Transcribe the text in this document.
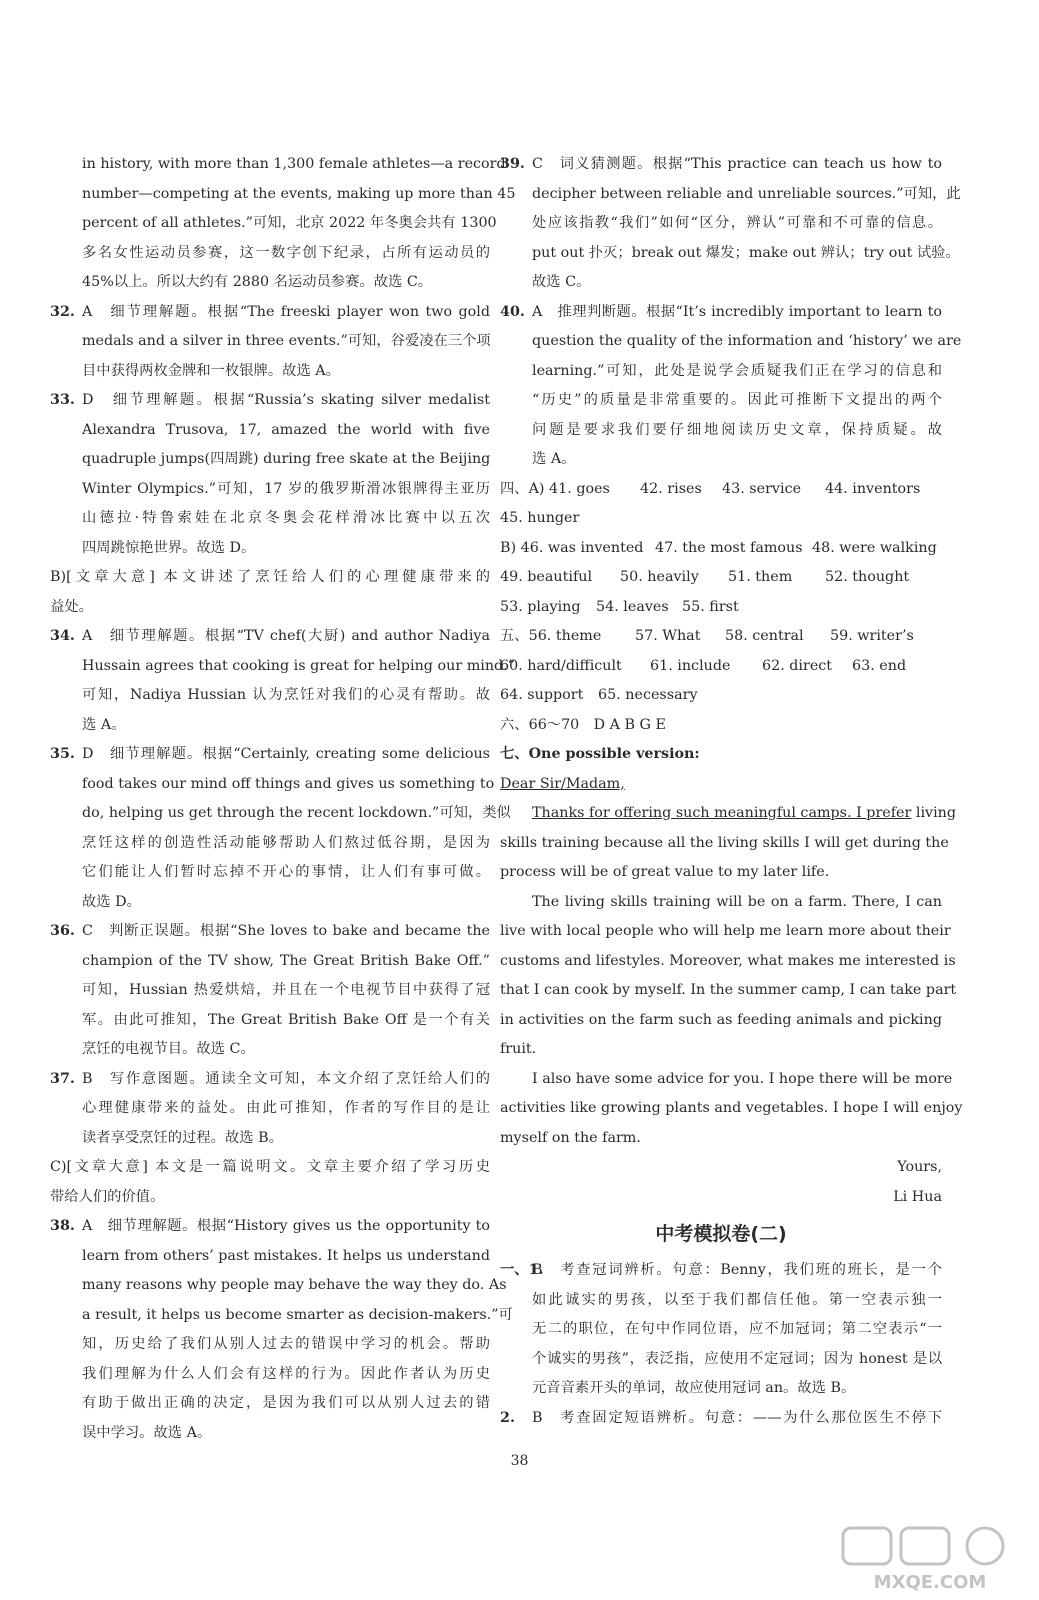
in history, with more than 1,300 female athletes—a record
number—competing at the events, making up more than 45
percent of all athletes.”可知，北京 2022 年冬奥会共有 1300
多名女性运动员参赛，这一数字创下纪录，占所有运动员的
45%以上。所以大约有 2880 名运动员参赛。故选 C。
32. A　细节理解题。根据“The freeski player won two gold
medals and a silver in three events.”可知，谷爱凌在三个项
目中获得两枚金牌和一枚银牌。故选 A。
33. D　细节理解题。根据“Russia’s skating silver medalist
Alexandra Trusova, 17, amazed the world with five
quadruple jumps(四周跳) during free skate at the Beijing
Winter Olympics.”可知，17 岁的俄罗斯滑冰银牌得主亚历
山德拉·特鲁索娃在北京冬奥会花样滑冰比赛中以五次
四周跳惊艳世界。故选 D。
B)[文章大意] 本文讲述了烹饪给人们的心理健康带来的
益处。
34. A　细节理解题。根据“TV chef(大厨) and author Nadiya
Hussain agrees that cooking is great for helping our mind.”
可知，Nadiya Hussian 认为烹饪对我们的心灵有帮助。故
选 A。
35. D　细节理解题。根据“Certainly, creating some delicious
food takes our mind off things and gives us something to
do, helping us get through the recent lockdown.”可知，类似
烹饪这样的创造性活动能够帮助人们熬过低谷期，是因为
它们能让人们暂时忘掉不开心的事情，让人们有事可做。
故选 D。
36. C　判断正误题。根据“She loves to bake and became the
champion of the TV show, The Great British Bake Off.”
可知，Hussian 热爱烘焙，并且在一个电视节目中获得了冠
军。由此可推知，The Great British Bake Off 是一个有关
烹饪的电视节目。故选 C。
37. B　写作意图题。通读全文可知，本文介绍了烹饪给人们的
心理健康带来的益处。由此可推知，作者的写作目的是让
读者享受烹饪的过程。故选 B。
C)[文章大意] 本文是一篇说明文。文章主要介绍了学习历史
带给人们的价值。
38. A　细节理解题。根据“History gives us the opportunity to
learn from others’ past mistakes. It helps us understand
many reasons why people may behave the way they do. As
a result, it helps us become smarter as decision-makers.”可
知，历史给了我们从别人过去的错误中学习的机会。帮助
我们理解为什么人们会有这样的行为。因此作者认为历史
有助于做出正确的决定，是因为我们可以从别人过去的错
误中学习。故选 A。
39. C　词义猜测题。根据“This practice can teach us how to
decipher between reliable and unreliable sources.”可知，此
处应该指教“我们”如何“区分，辨认”可靠和不可靠的信息。
put out 扑灭；break out 爆发；make out 辨认；try out 试验。
故选 C。
40. A　推理判断题。根据“It’s incredibly important to learn to
question the quality of the information and ‘history’ we are
learning.”可知，此处是说学会质疑我们正在学习的信息和
“历史”的质量是非常重要的。因此可推断下文提出的两个
问题是要求我们要仔细地阅读历史文章，保持质疑。故
选 A。
四、A) 41. goes 42. rises 43. service 44. inventors
45. hunger
B) 46. was invented 47. the most famous 48. were walking
49. beautiful 50. heavily 51. them 52. thought
53. playing 54. leaves 55. first
五、56. theme 57. What 58. central 59. writer’s
60. hard/difficult 61. include 62. direct 63. end
64. support 65. necessary
六、66～70　D A B G E
七、One possible version:
Dear Sir/Madam,
Thanks for offering such meaningful camps. I prefer living
skills training because all the living skills I will get during the
process will be of great value to my later life.
The living skills training will be on a farm. There, I can
live with local people who will help me learn more about their
customs and lifestyles. Moreover, what makes me interested is
that I can cook by myself. In the summer camp, I can take part
in activities on the farm such as feeding animals and picking
fruit.
I also have some advice for you. I hope there will be more
activities like growing plants and vegetables. I hope I will enjoy
myself on the farm.
Yours,
Li Hua
中考模拟卷(二)
一、1.
B　考查冠词辨析。句意：Benny，我们班的班长，是一个
如此诚实的男孩，以至于我们都信任他。第一空表示独一
无二的职位，在句中作同位语，应不加冠词；第二空表示“一
个诚实的男孩”，表泛指，应使用不定冠词；因为 honest 是以
元音音素开头的单词，故应使用冠词 an。故选 B。
2. B　考查固定短语辨析。句意：——为什么那位医生不停下
38
MXQE.COM
